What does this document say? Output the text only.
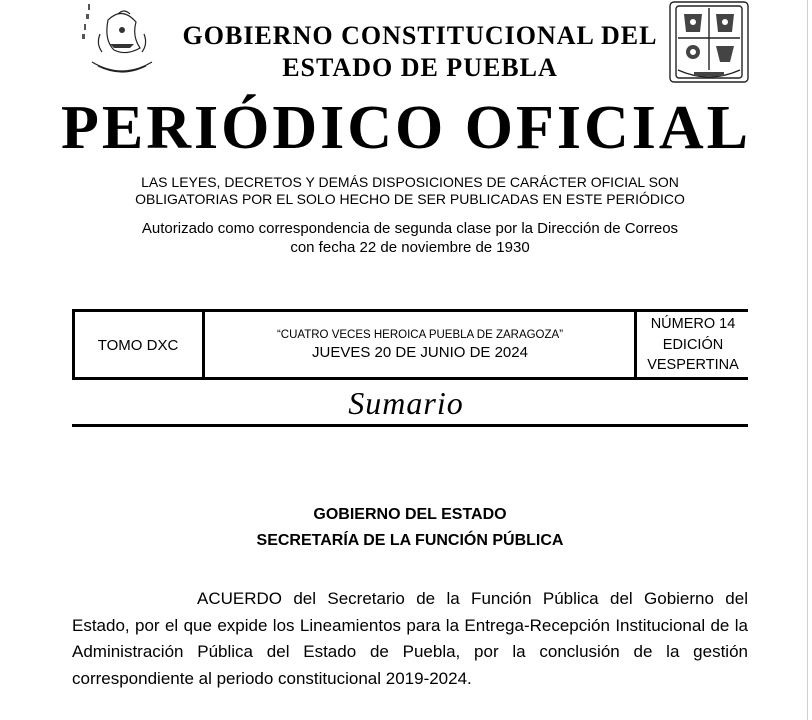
GOBIERNO CONSTITUCIONAL DEL
ESTADO DE PUEBLA
PERIÓDICO OFICIAL

LAS LEYES, DECRETOS Y DEMÁS DISPOSICIONES DE CARÁCTER OFICIAL SON
OBLIGATORIAS POR EL SOLO HECHO DE SER PUBLICADAS EN ESTE PERIÓDICO

Autorizado como correspondencia de segunda clase por la Dirección de Correos
con fecha 22 de noviembre de 1930

TOMO DXC
“CUATRO VECES HEROICA PUEBLA DE ZARAGOZA”
JUEVES 20 DE JUNIO DE 2024
NÚMERO 14
EDICIÓN
VESPERTINA
Sumario
GOBIERNO DEL ESTADO
SECRETARÍA DE LA FUNCIÓN PÚBLICA

ACUERDO del Secretario de la Función Pública del Gobierno del Estado, por el que expide los Lineamientos para la Entrega-Recepción Institucional de la Administración Pública del Estado de Puebla, por la conclusión de la gestión correspondiente al periodo constitucional 2019-2024.
